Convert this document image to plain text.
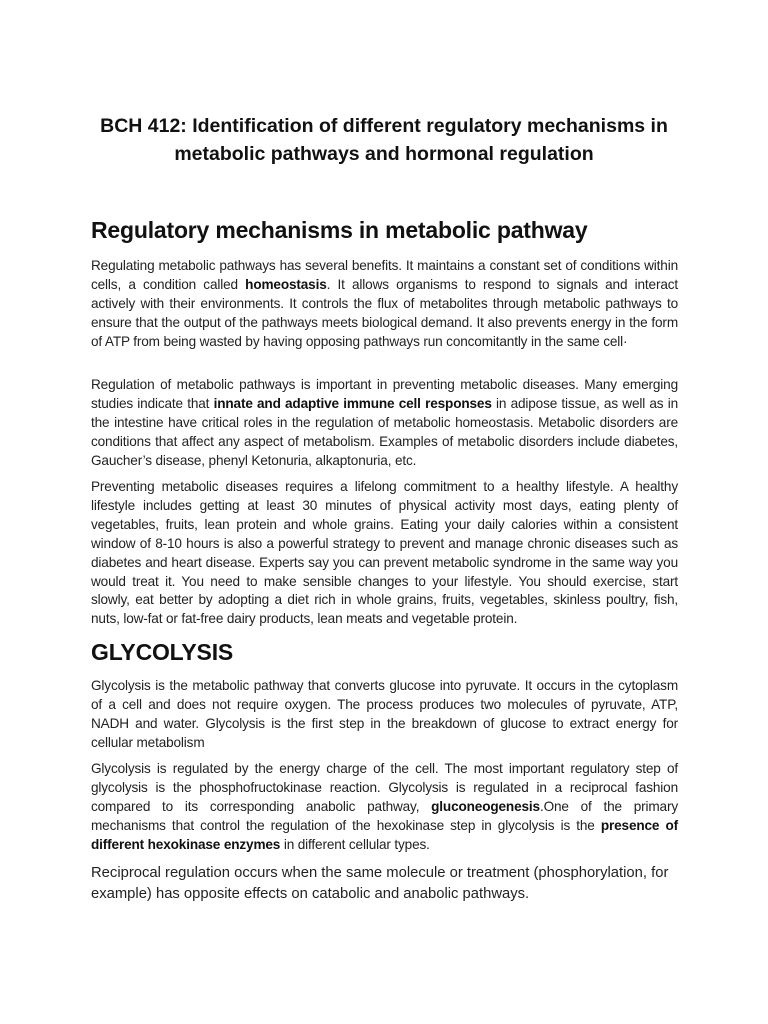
BCH 412: Identification of different regulatory mechanisms in metabolic pathways and hormonal regulation
Regulatory mechanisms in metabolic pathway

Regulating metabolic pathways has several benefits. It maintains a constant set of conditions within cells, a condition called homeostasis. It allows organisms to respond to signals and interact actively with their environments. It controls the flux of metabolites through metabolic pathways to ensure that the output of the pathways meets biological demand. It also prevents energy in the form of ATP from being wasted by having opposing pathways run concomitantly in the same cell·

Regulation of metabolic pathways is important in preventing metabolic diseases. Many emerging studies indicate that innate and adaptive immune cell responses in adipose tissue, as well as in the intestine have critical roles in the regulation of metabolic homeostasis. Metabolic disorders are conditions that affect any aspect of metabolism. Examples of metabolic disorders include diabetes, Gaucher’s disease, phenyl Ketonuria, alkaptonuria, etc.

Preventing metabolic diseases requires a lifelong commitment to a healthy lifestyle. A healthy lifestyle includes getting at least 30 minutes of physical activity most days, eating plenty of vegetables, fruits, lean protein and whole grains. Eating your daily calories within a consistent window of 8-10 hours is also a powerful strategy to prevent and manage chronic diseases such as diabetes and heart disease. Experts say you can prevent metabolic syndrome in the same way you would treat it. You need to make sensible changes to your lifestyle. You should exercise, start slowly, eat better by adopting a diet rich in whole grains, fruits, vegetables, skinless poultry, fish, nuts, low-fat or fat-free dairy products, lean meats and vegetable protein.

GLYCOLYSIS

Glycolysis is the metabolic pathway that converts glucose into pyruvate. It occurs in the cytoplasm of a cell and does not require oxygen. The process produces two molecules of pyruvate, ATP, NADH and water. Glycolysis is the first step in the breakdown of glucose to extract energy for cellular metabolism

Glycolysis is regulated by the energy charge of the cell. The most important regulatory step of glycolysis is the phosphofructokinase reaction. Glycolysis is regulated in a reciprocal fashion compared to its corresponding anabolic pathway, gluconeogenesis.One of the primary mechanisms that control the regulation of the hexokinase step in glycolysis is the presence of different hexokinase enzymes in different cellular types.

Reciprocal regulation occurs when the same molecule or treatment (phosphorylation, for example) has opposite effects on catabolic and anabolic pathways.
